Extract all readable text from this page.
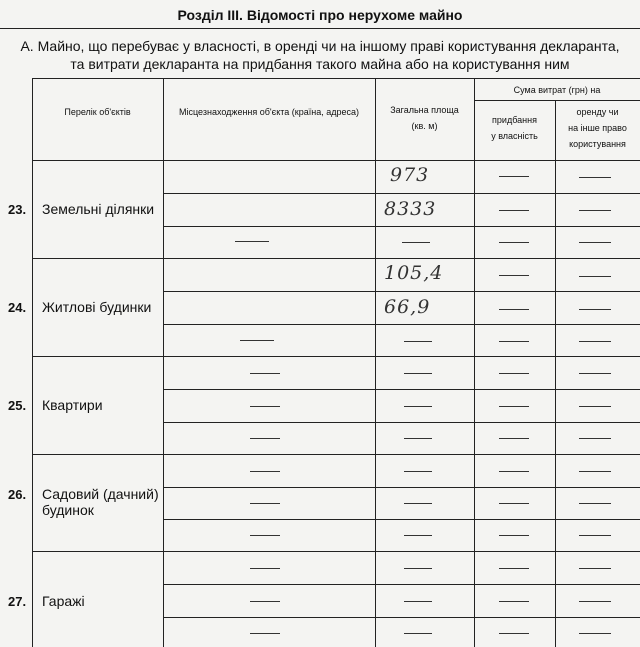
Розділ III. Відомості про нерухоме майно
А. Майно, що перебуває у власності, в оренді чи на іншому праві користування декларанта,
та витрати декларанта на придбання такого майна або на користування ним
Перелік об'єктів	Місцезнаходження об'єкта (країна, адреса)	Загальна площа
(кв. м)
Сума витрат (грн) на
придбання
у власність
оренду чи
на інше право
користування
23. Земельні ділянки
24. Житлові будинки
25. Квартири
26. Садовий (дачний)
будинок
27. Гаражі
973
8333
105,4
66,9
